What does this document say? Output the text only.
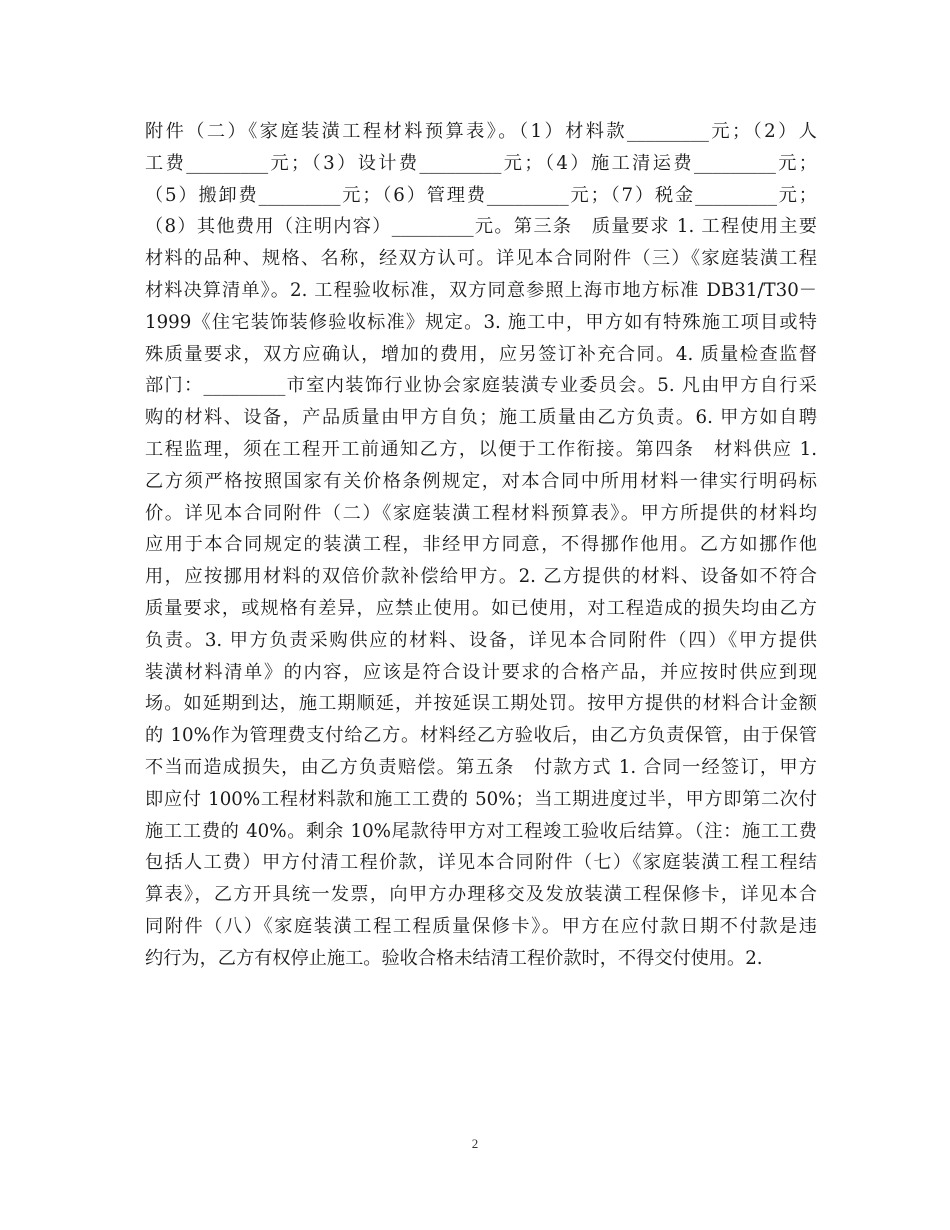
附件（二）《家庭装潢工程材料预算表》。（1）材料款_________元；（2）人
工费_________元；（3）设计费_________元；（4）施工清运费_________元；
（5）搬卸费_________元；（6）管理费_________元；（7）税金_________元；
（8）其他费用（注明内容）_________元。第三条　质量要求 1. 工程使用主要
材料的品种、规格、名称，经双方认可。详见本合同附件（三）《家庭装潢工程
材料决算清单》。2. 工程验收标准，双方同意参照上海市地方标准 DB31/T30－
1999《住宅装饰装修验收标准》规定。3. 施工中，甲方如有特殊施工项目或特
殊质量要求，双方应确认，增加的费用，应另签订补充合同。4. 质量检查监督
部门：_________市室内装饰行业协会家庭装潢专业委员会。5. 凡由甲方自行采
购的材料、设备，产品质量由甲方自负；施工质量由乙方负责。6. 甲方如自聘
工程监理，须在工程开工前通知乙方，以便于工作衔接。第四条　材料供应 1.
乙方须严格按照国家有关价格条例规定，对本合同中所用材料一律实行明码标
价。详见本合同附件（二）《家庭装潢工程材料预算表》。甲方所提供的材料均
应用于本合同规定的装潢工程，非经甲方同意，不得挪作他用。乙方如挪作他
用，应按挪用材料的双倍价款补偿给甲方。2. 乙方提供的材料、设备如不符合
质量要求，或规格有差异，应禁止使用。如已使用，对工程造成的损失均由乙方
负责。3. 甲方负责采购供应的材料、设备，详见本合同附件（四）《甲方提供
装潢材料清单》的内容，应该是符合设计要求的合格产品，并应按时供应到现
场。如延期到达，施工期顺延，并按延误工期处罚。按甲方提供的材料合计金额
的 10%作为管理费支付给乙方。材料经乙方验收后，由乙方负责保管，由于保管
不当而造成损失，由乙方负责赔偿。第五条　付款方式 1. 合同一经签订，甲方
即应付 100%工程材料款和施工工费的 50%；当工期进度过半，甲方即第二次付
施工工费的 40%。剩余 10%尾款待甲方对工程竣工验收后结算。（注：施工工费
包括人工费）甲方付清工程价款，详见本合同附件（七）《家庭装潢工程工程结
算表》，乙方开具统一发票，向甲方办理移交及发放装潢工程保修卡，详见本合
同附件（八）《家庭装潢工程工程质量保修卡》。甲方在应付款日期不付款是违
约行为，乙方有权停止施工。验收合格未结清工程价款时，不得交付使用。2.
2
